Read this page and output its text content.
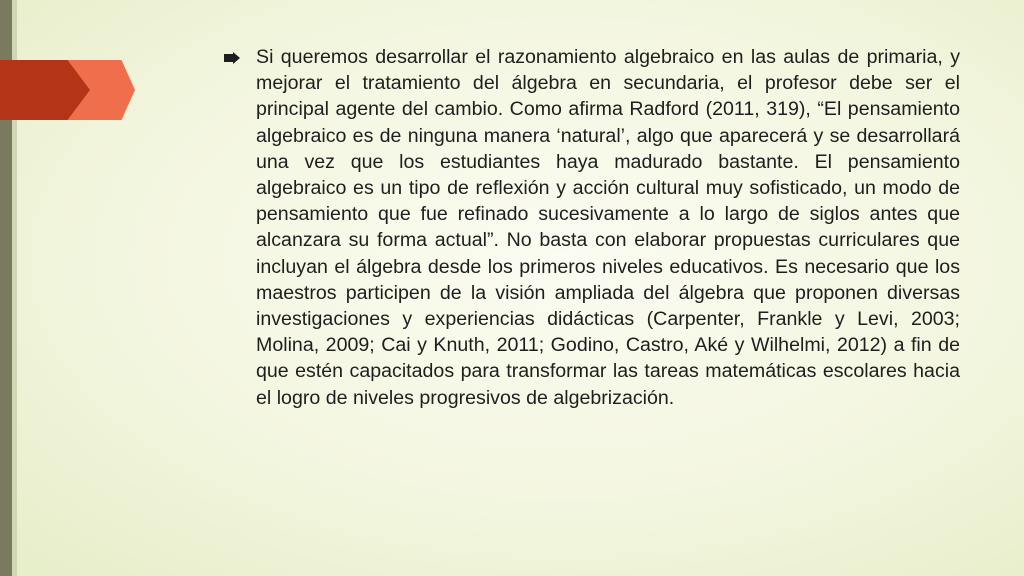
Si queremos desarrollar el razonamiento algebraico en las aulas de primaria, y mejorar el tratamiento del álgebra en secundaria, el profesor debe ser el principal agente del cambio. Como afirma Radford (2011, 319), “El pensamiento algebraico es de ninguna manera ‘natural’, algo que aparecerá y se desarrollará una vez que los estudiantes haya madurado bastante. El pensamiento algebraico es un tipo de reflexión y acción cultural muy sofisticado, un modo de pensamiento que fue refinado sucesivamente a lo largo de siglos antes que alcanzara su forma actual”. No basta con elaborar propuestas curriculares que incluyan el álgebra desde los primeros niveles educativos. Es necesario que los maestros participen de la visión ampliada del álgebra que proponen diversas investigaciones y experiencias didácticas (Carpenter, Frankle y Levi, 2003; Molina, 2009; Cai y Knuth, 2011; Godino, Castro, Aké y Wilhelmi, 2012) a fin de que estén capacitados para transformar las tareas matemáticas escolares hacia el logro de niveles progresivos de algebrización.
